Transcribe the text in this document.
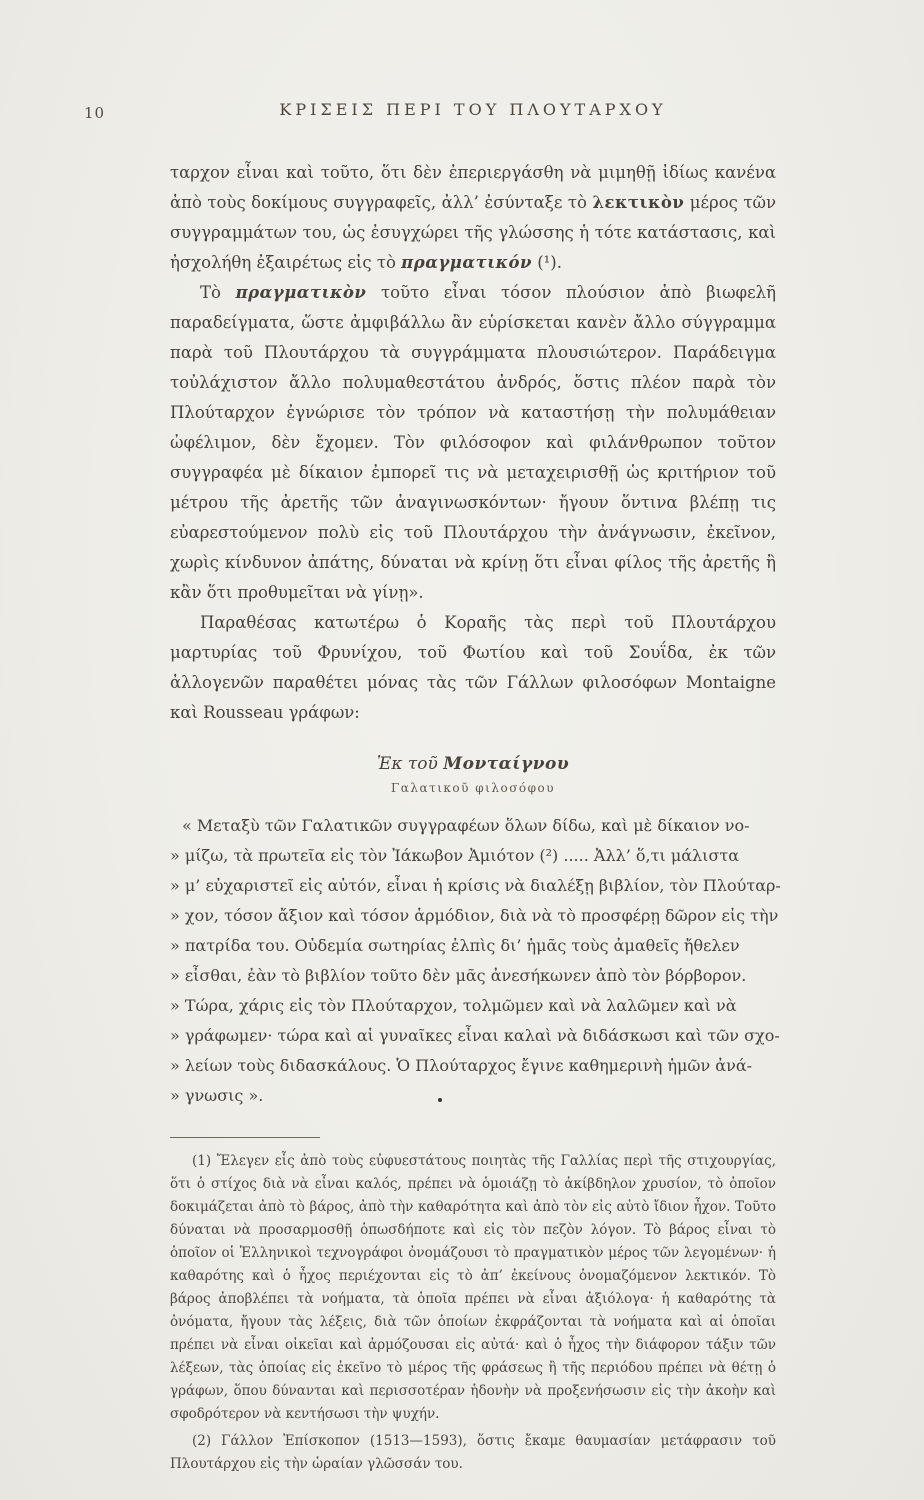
10	ΚΡΙΣΕΙΣ ΠΕΡΙ ΤΟΥ ΠΛΟΥΤΑΡΧΟΥ

ταρχον εἶναι καὶ τοῦτο, ὅτι δὲν ἐπεριεργάσθη νὰ μιμηθῇ ἰδίως κανένα ἀπὸ τοὺς δοκίμους συγγραφεῖς, ἀλλ’ ἐσύνταξε τὸ λεκτικὸν μέρος τῶν συγγραμμάτων του, ὡς ἐσυγχώρει τῆς γλώσσης ἡ τότε κατάστασις, καὶ ἠσχολήθη ἐξαιρέτως εἰς τὸ πραγματικόν (¹).

Τὸ πραγματικὸν τοῦτο εἶναι τόσον πλούσιον ἀπὸ βιωφελῆ παραδείγματα, ὥστε ἀμφιβάλλω ἂν εὑρίσκεται κανὲν ἄλλο σύγγραμμα παρὰ τοῦ Πλουτάρχου τὰ συγγράμματα πλουσιώτερον. Παράδειγμα τοὐλάχιστον ἄλλο πολυμαθεστάτου ἀνδρός, ὅστις πλέον παρὰ τὸν Πλούταρχον ἐγνώρισε τὸν τρόπον νὰ καταστήσῃ τὴν πολυμάθειαν ὠφέλιμον, δὲν ἔχομεν. Τὸν φιλόσοφον καὶ φιλάνθρωπον τοῦτον συγγραφέα μὲ δίκαιον ἐμπορεῖ τις νὰ μεταχειρισθῇ ὡς κριτήριον τοῦ μέτρου τῆς ἀρετῆς τῶν ἀναγινωσκόντων· ἤγουν ὅντινα βλέπῃ τις εὐαρεστούμενον πολὺ εἰς τοῦ Πλουτάρχου τὴν ἀνάγνωσιν, ἐκεῖνον, χωρὶς κίνδυνον ἀπάτης, δύναται νὰ κρίνῃ ὅτι εἶναι φίλος τῆς ἀρετῆς ἢ κἂν ὅτι προθυμεῖται νὰ γίνῃ».

Παραθέσας κατωτέρω ὁ Κοραῆς τὰς περὶ τοῦ Πλουτάρχου μαρτυρίας τοῦ Φρυνίχου, τοῦ Φωτίου καὶ τοῦ Σουΐδα, ἐκ τῶν ἀλλογενῶν παραθέτει μόνας τὰς τῶν Γάλλων φιλοσόφων Montaigne καὶ Rousseau γράφων:

Ἐκ τοῦ Μονταίγνου
Γαλατικοῦ φιλοσόφου
« Μεταξὺ τῶν Γαλατικῶν συγγραφέων ὅλων δίδω, καὶ μὲ δίκαιον νο-
» μίζω, τὰ πρωτεῖα εἰς τὸν Ἰάκωβον Ἀμιότον (²) ..... Ἀλλ’ ὅ,τι μάλιστα
» μ’ εὐχαριστεῖ εἰς αὐτόν, εἶναι ἡ κρίσις νὰ διαλέξῃ βιβλίον, τὸν Πλούταρ-
» χον, τόσον ἄξιον καὶ τόσον ἁρμόδιον, διὰ νὰ τὸ προσφέρῃ δῶρον εἰς τὴν
» πατρίδα του. Οὐδεμία σωτηρίας ἐλπὶς δι’ ἡμᾶς τοὺς ἀμαθεῖς ἤθελεν
» εἶσθαι, ἐὰν τὸ βιβλίον τοῦτο δὲν μᾶς ἀνεσήκωνεν ἀπὸ τὸν βόρβορον.
» Τώρα, χάρις εἰς τὸν Πλούταρχον, τολμῶμεν καὶ νὰ λαλῶμεν καὶ νὰ
» γράφωμεν· τώρα καὶ αἱ γυναῖκες εἶναι καλαὶ νὰ διδάσκωσι καὶ τῶν σχο-
» λείων τοὺς διδασκάλους. Ὁ Πλούταρχος ἔγινε καθημερινὴ ἡμῶν ἀνά-
» γνωσις ».

(1) Ἔλεγεν εἷς ἀπὸ τοὺς εὐφυεστάτους ποιητὰς τῆς Γαλλίας περὶ τῆς στιχουργίας, ὅτι ὁ στίχος διὰ νὰ εἶναι καλός, πρέπει νὰ ὁμοιάζῃ τὸ ἀκίβδηλον χρυσίον, τὸ ὁποῖον δοκιμάζεται ἀπὸ τὸ βάρος, ἀπὸ τὴν καθαρότητα καὶ ἀπὸ τὸν εἰς αὐτὸ ἴδιον ἦχον. Τοῦτο δύναται νὰ προσαρμοσθῇ ὁπωσδήποτε καὶ εἰς τὸν πεζὸν λόγον. Τὸ βάρος εἶναι τὸ ὁποῖον οἱ Ἑλληνικοὶ τεχνογράφοι ὀνομάζουσι τὸ πραγματικὸν μέρος τῶν λεγομένων· ἡ καθαρότης καὶ ὁ ἦχος περιέχονται εἰς τὸ ἀπ’ ἐκείνους ὀνομαζόμενον λεκτικόν. Τὸ βάρος ἀποβλέπει τὰ νοήματα, τὰ ὁποῖα πρέπει νὰ εἶναι ἀξιόλογα· ἡ καθαρότης τὰ ὀνόματα, ἤγουν τὰς λέξεις, διὰ τῶν ὁποίων ἐκφράζονται τὰ νοήματα καὶ αἱ ὁποῖαι πρέπει νὰ εἶναι οἰκεῖαι καὶ ἁρμόζουσαι εἰς αὐτά· καὶ ὁ ἦχος τὴν διάφορον τάξιν τῶν λέξεων, τὰς ὁποίας εἰς ἐκεῖνο τὸ μέρος τῆς φράσεως ἢ τῆς περιόδου πρέπει νὰ θέτῃ ὁ γράφων, ὅπου δύνανται καὶ περισσοτέραν ἡδονὴν νὰ προξενήσωσιν εἰς τὴν ἀκοὴν καὶ σφοδρότερον νὰ κεντήσωσι τὴν ψυχήν.

(2) Γάλλον Ἐπίσκοπον (1513—1593), ὅστις ἔκαμε θαυμασίαν μετάφρασιν τοῦ Πλουτάρχου εἰς τὴν ὡραίαν γλῶσσάν του.
